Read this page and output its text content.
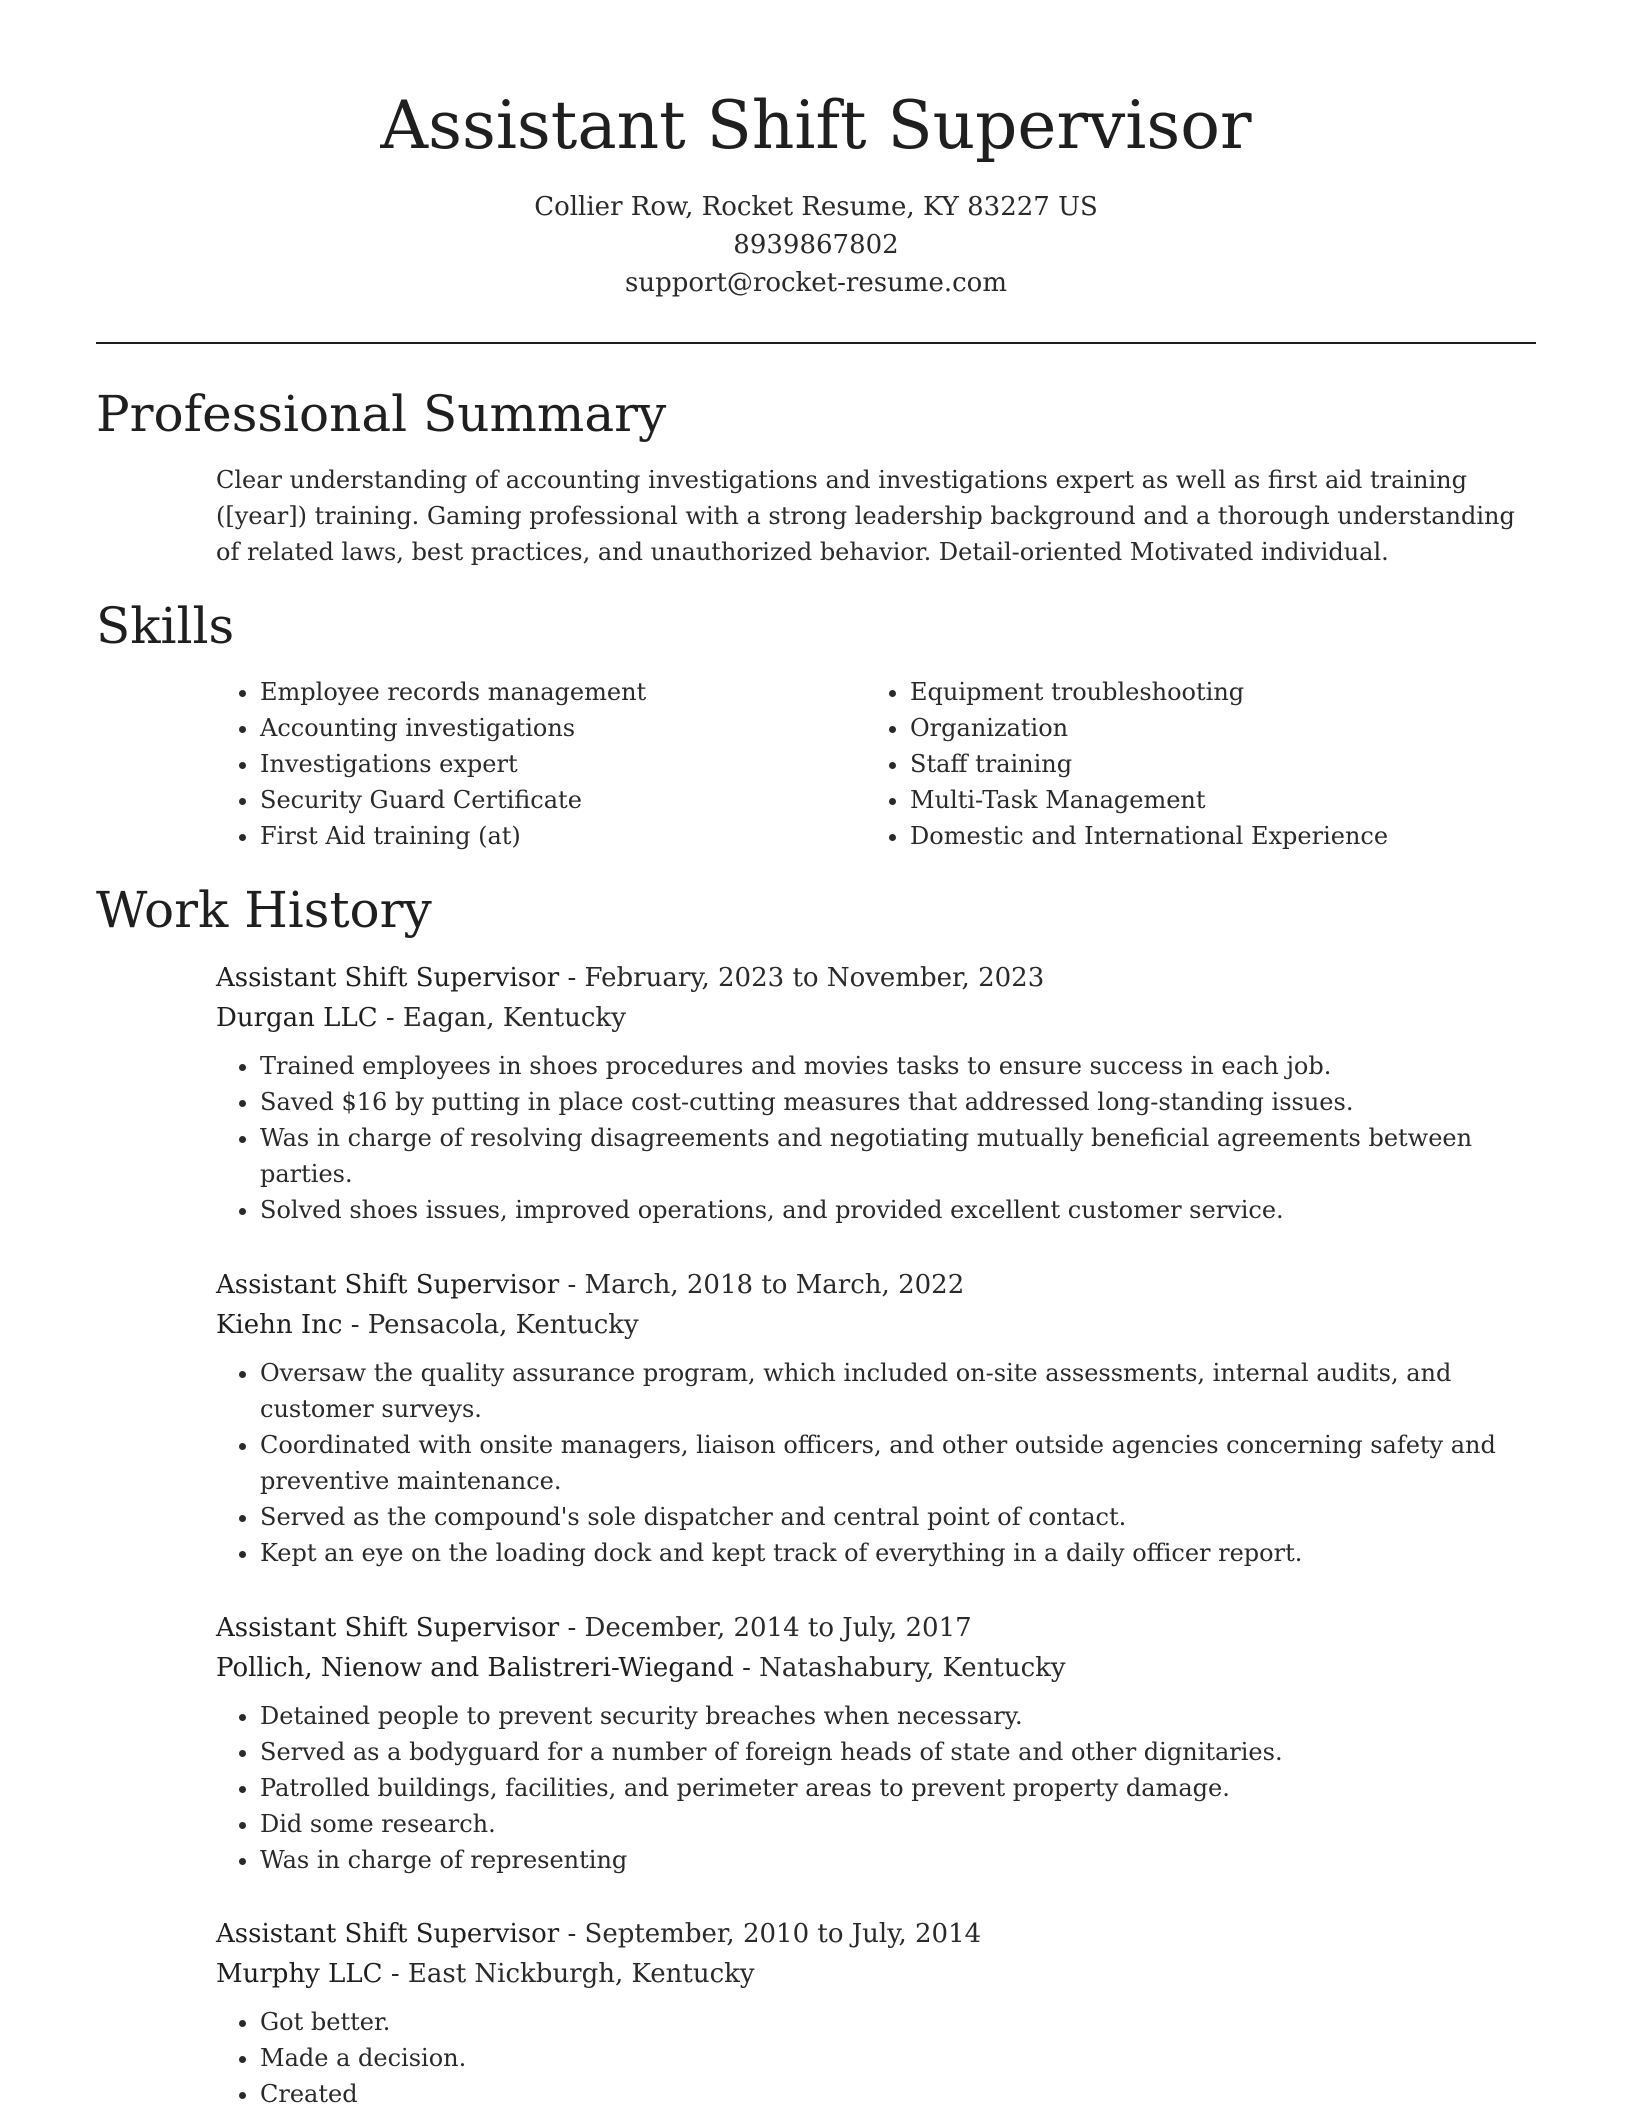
Assistant Shift Supervisor
Collier Row, Rocket Resume, KY 83227 US
8939867802
support@rocket-resume.com
Professional Summary

Clear understanding of accounting investigations and investigations expert as well as first aid training ([year]) training. Gaming professional with a strong leadership background and a thorough understanding of related laws, best practices, and unauthorized behavior. Detail-oriented Motivated individual.

Skills
• Employee records management
• Accounting investigations
• Investigations expert
• Security Guard Certificate
• First Aid training (at)
• Equipment troubleshooting
• Organization
• Staff training
• Multi-Task Management
• Domestic and International Experience
Work History
Assistant Shift Supervisor - February, 2023 to November, 2023
Durgan LLC - Eagan, Kentucky
• Trained employees in shoes procedures and movies tasks to ensure success in each job.
• Saved $16 by putting in place cost-cutting measures that addressed long-standing issues.
• Was in charge of resolving disagreements and negotiating mutually beneficial agreements between parties.
• Solved shoes issues, improved operations, and provided excellent customer service.
Assistant Shift Supervisor - March, 2018 to March, 2022
Kiehn Inc - Pensacola, Kentucky
• Oversaw the quality assurance program, which included on-site assessments, internal audits, and customer surveys.
• Coordinated with onsite managers, liaison officers, and other outside agencies concerning safety and preventive maintenance.
• Served as the compound's sole dispatcher and central point of contact.
• Kept an eye on the loading dock and kept track of everything in a daily officer report.
Assistant Shift Supervisor - December, 2014 to July, 2017
Pollich, Nienow and Balistreri-Wiegand - Natashabury, Kentucky
• Detained people to prevent security breaches when necessary.
• Served as a bodyguard for a number of foreign heads of state and other dignitaries.
• Patrolled buildings, facilities, and perimeter areas to prevent property damage.
• Did some research.
• Was in charge of representing
Assistant Shift Supervisor - September, 2010 to July, 2014
Murphy LLC - East Nickburgh, Kentucky
• Got better.
• Made a decision.
• Created
